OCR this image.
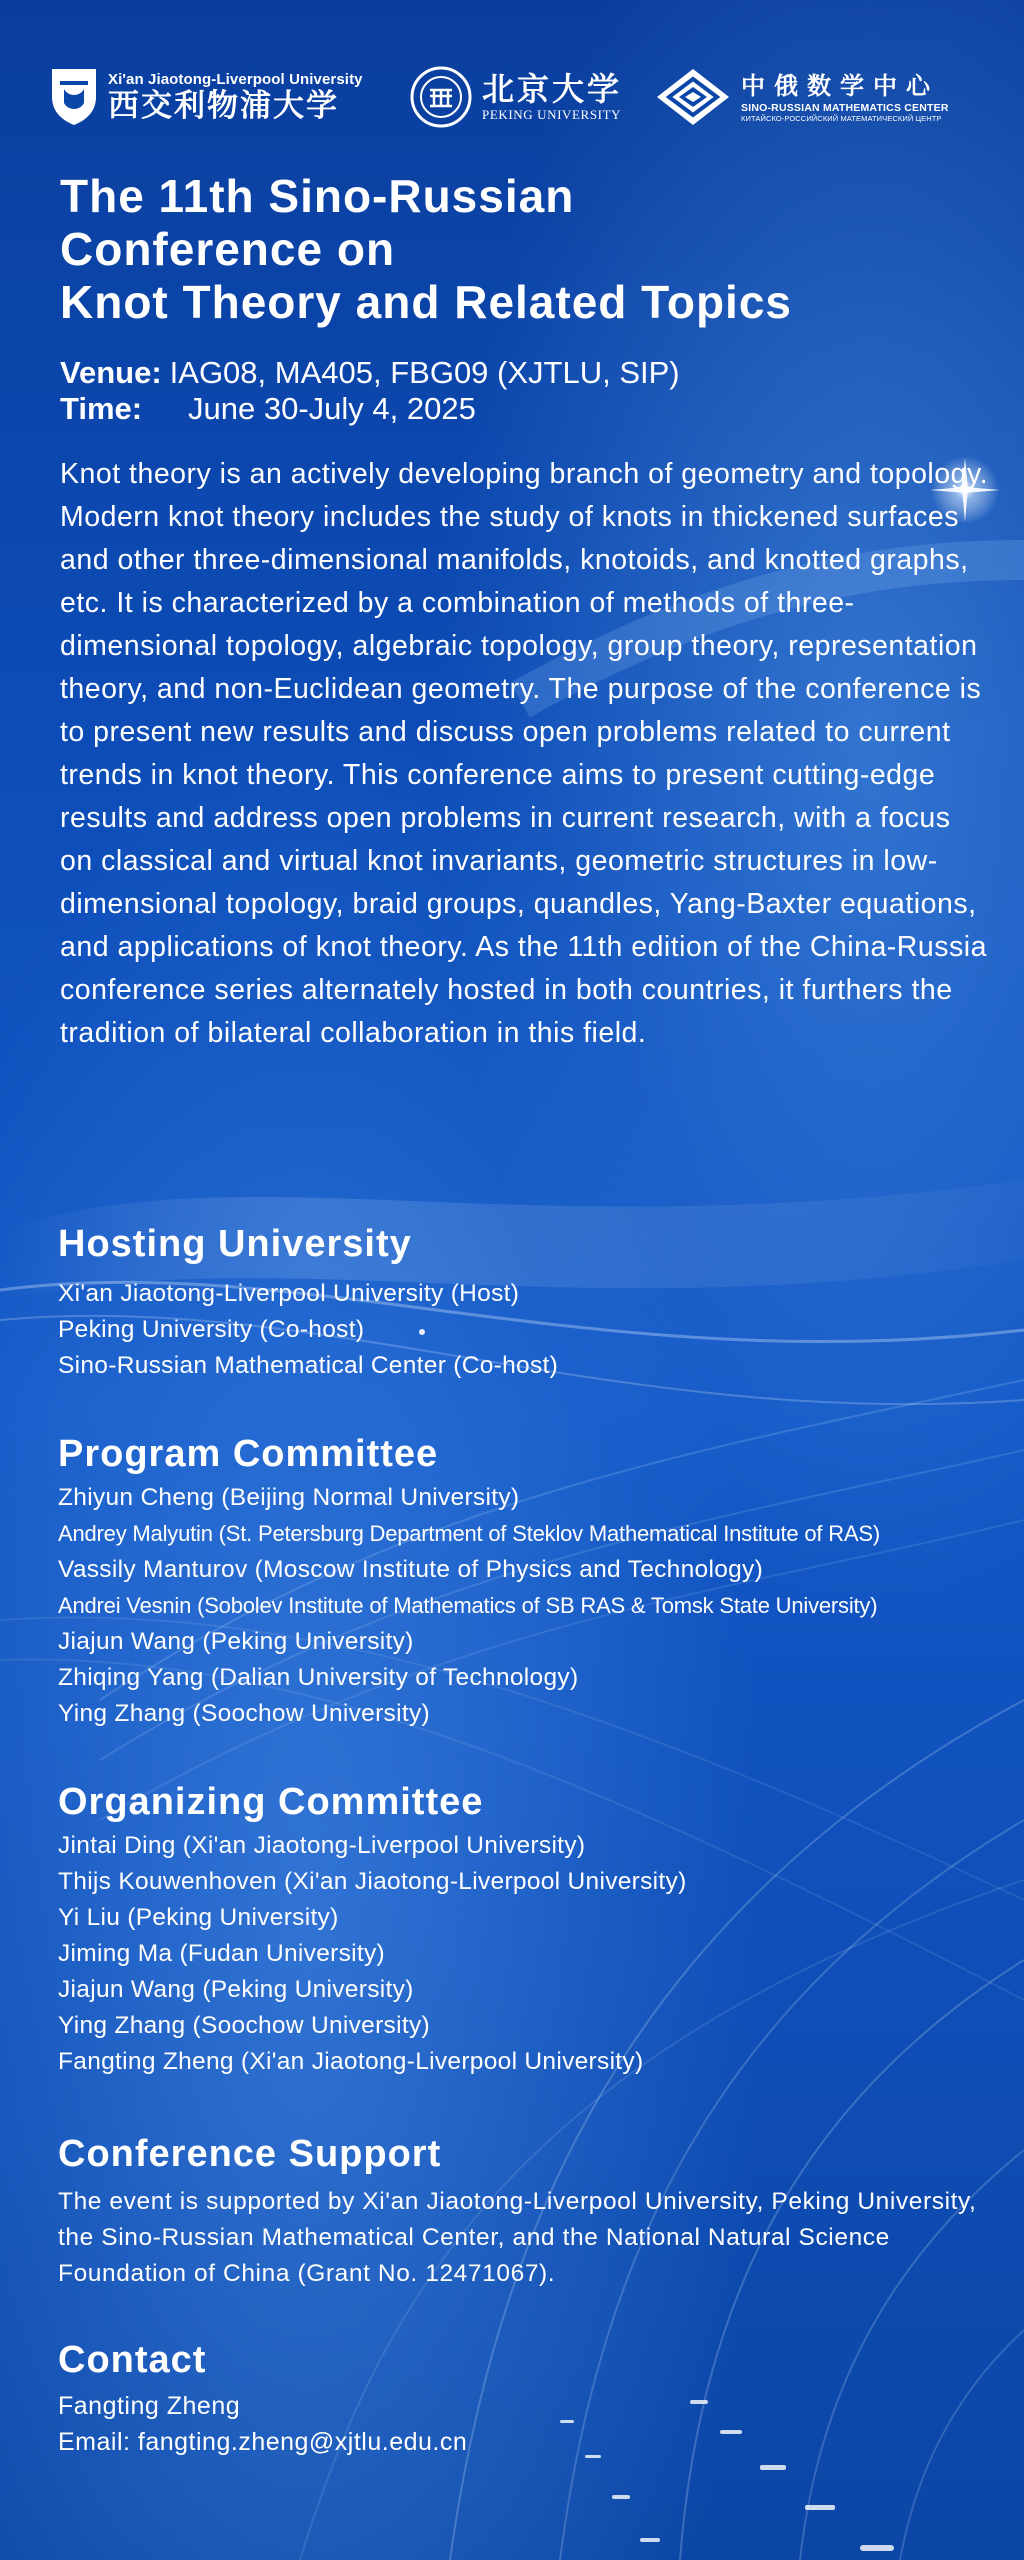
Xi'an Jiaotong-Liverpool University
西交利物浦大学	北京大学
PEKING UNIVERSITY
中俄数学中心
SINO-RUSSIAN MATHEMATICS CENTER
КИТАЙСКО-РОССИЙСКИЙ МАТЕМАТИЧЕСКИЙ ЦЕНТР
The 11th Sino-Russian
Conference on
Knot Theory and Related Topics
Venue: IAG08, MA405, FBG09 (XJTLU, SIP)
Time:	June 30-July 4, 2025

Knot theory is an actively developing branch of geometry and topology. Modern knot theory includes the study of knots in thickened surfaces and other three-dimensional manifolds, knotoids, and knotted graphs, etc. It is characterized by a combination of methods of three-dimensional topology, algebraic topology, group theory, representation theory, and non-Euclidean geometry. The purpose of the conference is to present new results and discuss open problems related to current trends in knot theory. This conference aims to present cutting-edge results and address open problems in current research, with a focus on classical and virtual knot invariants, geometric structures in low-dimensional topology, braid groups, quandles, Yang-Baxter equations, and applications of knot theory. As the 11th edition of the China-Russia conference series alternately hosted in both countries, it furthers the tradition of bilateral collaboration in this field.

Hosting University
Xi'an Jiaotong-Liverpool University (Host)
Peking University (Co-host)
Sino-Russian Mathematical Center (Co-host)
Program Committee
Zhiyun Cheng (Beijing Normal University)
Andrey Malyutin (St. Petersburg Department of Steklov Mathematical Institute of RAS)
Vassily Manturov (Moscow Institute of Physics and Technology)
Andrei Vesnin (Sobolev Institute of Mathematics of SB RAS & Tomsk State University)
Jiajun Wang (Peking University)
Zhiqing Yang (Dalian University of Technology)
Ying Zhang (Soochow University)
Organizing Committee
Jintai Ding (Xi'an Jiaotong-Liverpool University)
Thijs Kouwenhoven (Xi'an Jiaotong-Liverpool University)
Yi Liu (Peking University)
Jiming Ma (Fudan University)
Jiajun Wang (Peking University)
Ying Zhang (Soochow University)
Fangting Zheng (Xi'an Jiaotong-Liverpool University)
Conference Support

The event is supported by Xi'an Jiaotong-Liverpool University, Peking University, the Sino-Russian Mathematical Center, and the National Natural Science Foundation of China (Grant No. 12471067).

Contact
Fangting Zheng
Email: fangting.zheng@xjtlu.edu.cn
